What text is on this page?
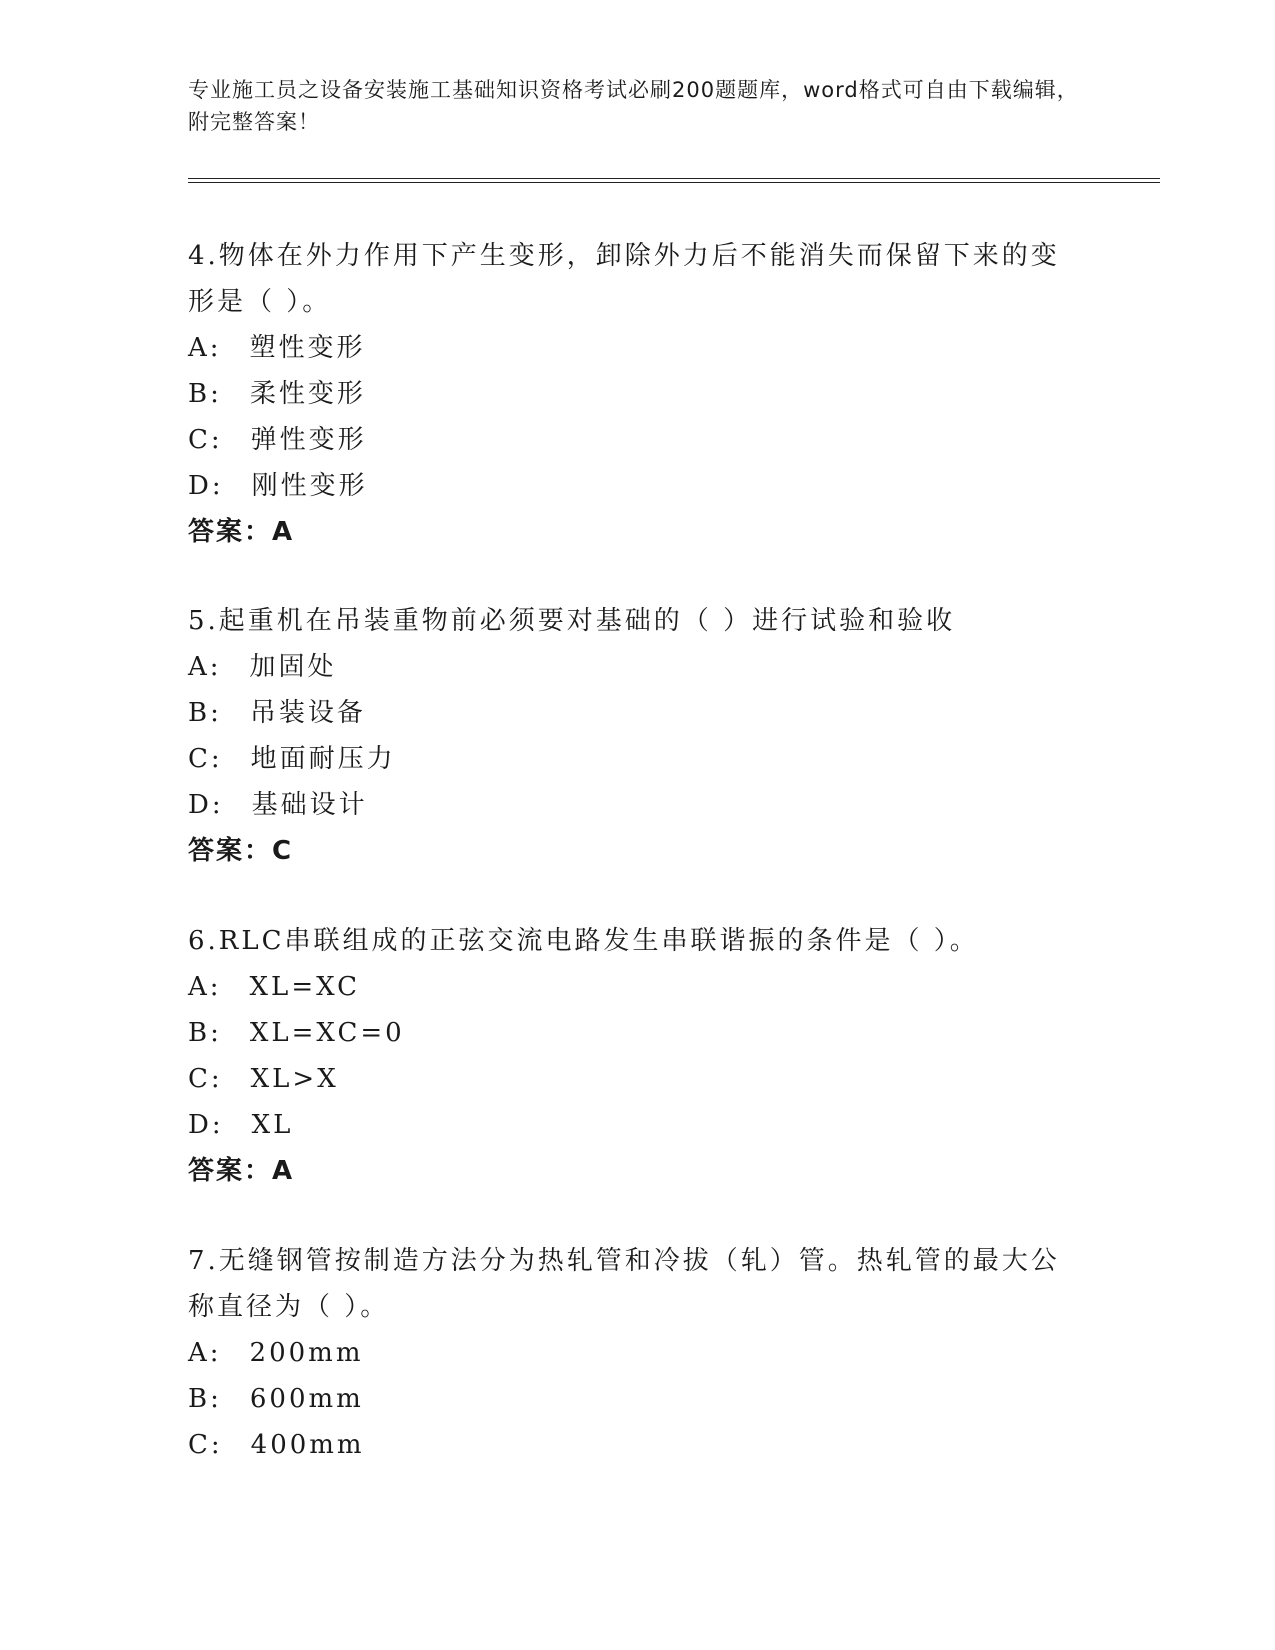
专业施工员之设备安装施工基础知识资格考试必刷200题题库，word格式可自由下载编辑，附完整答案！

4.物体在外力作用下产生变形，卸除外力后不能消失而保留下来的变形是（ ）。

A: 塑性变形
B: 柔性变形
C: 弹性变形
D: 刚性变形
答案：A

5.起重机在吊装重物前必须要对基础的（ ）进行试验和验收

A: 加固处
B: 吊装设备
C: 地面耐压力
D: 基础设计
答案：C

6.RLC串联组成的正弦交流电路发生串联谐振的条件是（ ）。

A: XL=XC
B: XL=XC=0
C: XL>X
D: XL
答案：A

7.无缝钢管按制造方法分为热轧管和冷拔（轧）管。热轧管的最大公称直径为（ ）。

A: 200mm
B: 600mm
C: 400mm
